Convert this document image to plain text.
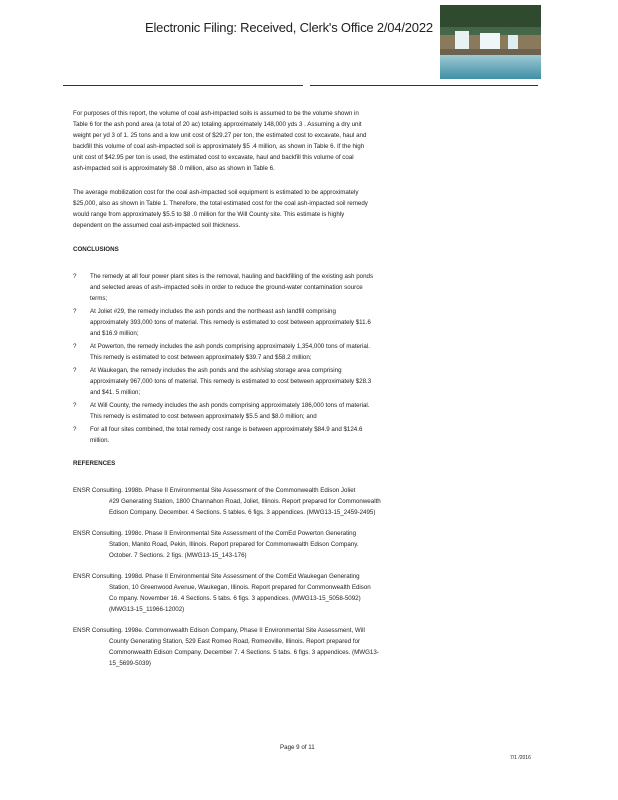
Electronic Filing: Received, Clerk's Office 2/04/2022

For purposes of this report, the volume of coal ash-impacted soils is assumed to be the volume shown in
Table 6 for the ash pond area (a total of 20 ac) totaling approximately 148,000 yds 3 . Assuming a dry unit
weight per yd 3 of 1. 25 tons and a low unit cost of $29.27 per ton, the estimated cost to excavate, haul and
backfill this volume of coal ash-impacted soil is approximately $5 .4 million, as shown in Table 6. If the high
unit cost of $42.95 per ton is used, the estimated cost to excavate, haul and backfill this volume of coal
ash-impacted soil is approximately $8 .0 million, also as shown in Table 6.

The average mobilization cost for the coal ash-impacted soil equipment is estimated to be approximately
$25,000, also as shown in Table 1. Therefore, the total estimated cost for the coal ash-impacted soil remedy
would range from approximately $5.5 to $8 .0 million for the Will County site. This estimate is highly
dependent on the assumed coal ash-impacted soil thickness.

CONCLUSIONS
? The remedy at all four power plant sites is the removal, hauling and backfilling of the existing ash ponds
and selected areas of ash–impacted soils in order to reduce the ground-water contamination source
terms;
? At Joliet #29, the remedy includes the ash ponds and the northeast ash landfill comprising
approximately 393,000 tons of material. This remedy is estimated to cost between approximately $11.6
and $16.9 million;
? At Powerton, the remedy includes the ash ponds comprising approximately 1,354,000 tons of material.
This remedy is estimated to cost between approximately $39.7 and $58.2 million;
? At Waukegan, the remedy includes the ash ponds and the ash/slag storage area comprising
approximately 967,000 tons of material. This remedy is estimated to cost between approximately $28.3
and $41. 5 million;
? At Will County, the remedy includes the ash ponds comprising approximately 186,000 tons of material.
This remedy is estimated to cost between approximately $5.5 and $8.0 million; and
? For all four sites combined, the total remedy cost range is between approximately $84.9 and $124.6
million.
REFERENCES
ENSR Consulting. 1998b. Phase II Environmental Site Assessment of the Commonwealth Edison Joliet
#29 Generating Station, 1800 Channahon Road, Joliet, Illinois. Report prepared for Commonwealth
Edison Company. December. 4 Sections. 5 tables. 6 figs. 3 appendices. (MWG13-15_2459-2495)
ENSR Consulting. 1998c. Phase II Environmental Site Assessment of the ComEd Powerton Generating
Station, Manito Road, Pekin, Illinois. Report prepared for Commonwealth Edison Company.
October. 7 Sections. 2 figs. (MWG13-15_143-176)
ENSR Consulting. 1998d. Phase II Environmental Site Assessment of the ComEd Waukegan Generating
Station, 10 Greenwood Avenue, Waukegan, Illinois. Report prepared for Commonwealth Edison
Co mpany. November 16. 4 Sections. 5 tabs. 6 figs. 3 appendices. (MWG13-15_5058-5092)
(MWG13-15_11966-12002)
ENSR Consulting. 1998e. Commonwealth Edison Company, Phase II Environmental Site Assessment, Will
County Generating Station, 529 East Romeo Road, Romeoville, Illinois. Report prepared for
Commonwealth Edison Company. December 7. 4 Sections. 5 tabs. 6 figs. 3 appendices. (MWG13-
15_5699-5039)
Page 9 of 11
7/1 /2016
